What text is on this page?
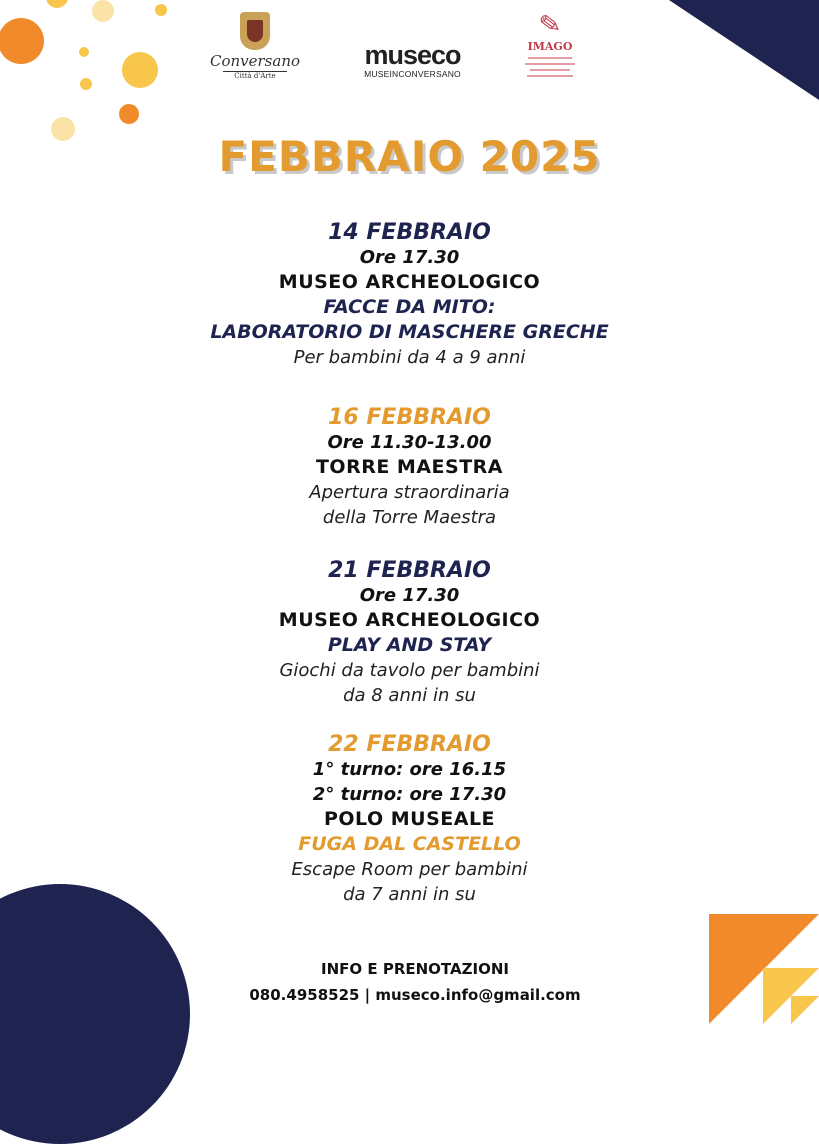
Conversano
Città d'Arte
museco
MUSEINCONVERSANO
✎
IMAGO
FEBBRAIO 2025
14 FEBBRAIO
Ore 17.30
MUSEO ARCHEOLOGICO
FACCE DA MITO:
LABORATORIO DI MASCHERE GRECHE
Per bambini da 4 a 9 anni
16 FEBBRAIO
Ore 11.30-13.00
TORRE MAESTRA
Apertura straordinaria
della Torre Maestra
21 FEBBRAIO
Ore 17.30
MUSEO ARCHEOLOGICO
PLAY AND STAY
Giochi da tavolo per bambini
da 8 anni in su
22 FEBBRAIO
1° turno: ore 16.15
2° turno: ore 17.30
POLO MUSEALE
FUGA DAL CASTELLO
Escape Room per bambini
da 7 anni in su
INFO E PRENOTAZIONI
080.4958525 | museco.info@gmail.com
